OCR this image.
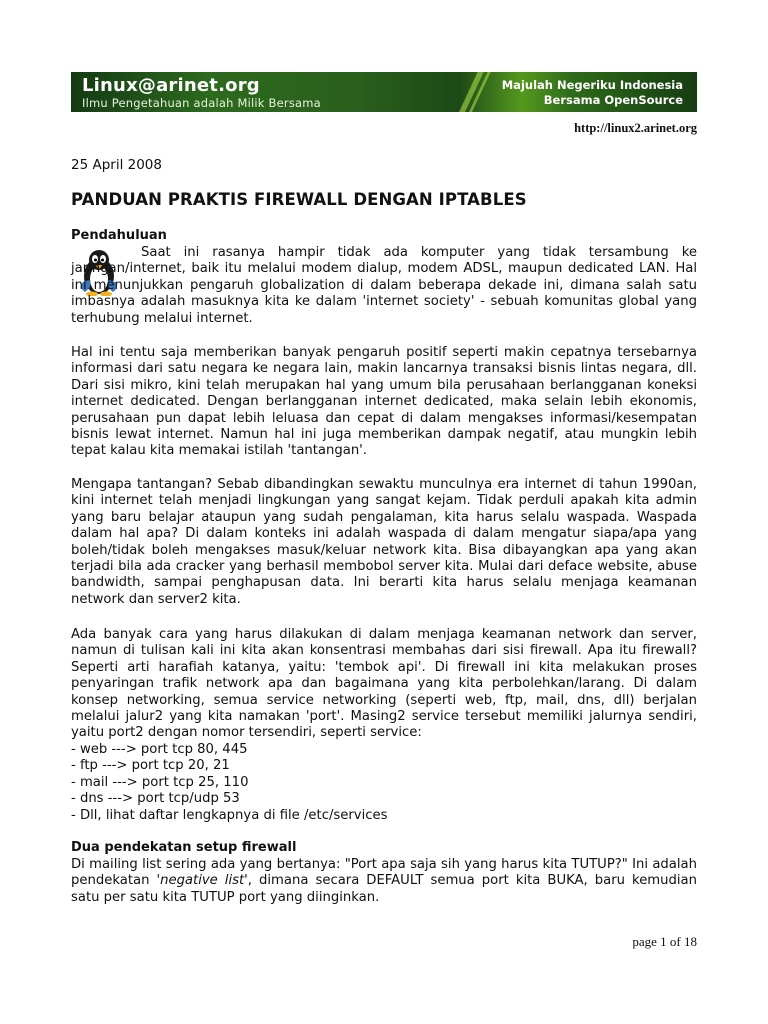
Linux@arinet.org
Ilmu Pengetahuan adalah Milik Bersama
Majulah Negeriku Indonesia
Bersama OpenSource
http://linux2.arinet.org
25 April 2008
PANDUAN PRAKTIS FIREWALL DENGAN IPTABLES
Pendahuluan
Saat ini rasanya hampir tidak ada komputer yang tidak tersambung ke jaringan/internet, baik itu melalui modem dialup, modem ADSL, maupun dedicated LAN. Hal ini menunjukkan pengaruh globalization di dalam beberapa dekade ini, dimana salah satu imbasnya adalah masuknya kita ke dalam 'internet society' - sebuah komunitas global yang terhubung melalui internet.
Hal ini tentu saja memberikan banyak pengaruh positif seperti makin cepatnya tersebarnya informasi dari satu negara ke negara lain, makin lancarnya transaksi bisnis lintas negara, dll. Dari sisi mikro, kini telah merupakan hal yang umum bila perusahaan berlangganan koneksi internet dedicated. Dengan berlangganan internet dedicated, maka selain lebih ekonomis, perusahaan pun dapat lebih leluasa dan cepat di dalam mengakses informasi/kesempatan bisnis lewat internet. Namun hal ini juga memberikan dampak negatif, atau mungkin lebih tepat kalau kita memakai istilah 'tantangan'.
Mengapa tantangan? Sebab dibandingkan sewaktu munculnya era internet di tahun 1990an, kini internet telah menjadi lingkungan yang sangat kejam. Tidak perduli apakah kita admin yang baru belajar ataupun yang sudah pengalaman, kita harus selalu waspada. Waspada dalam hal apa? Di dalam konteks ini adalah waspada di dalam mengatur siapa/apa yang boleh/tidak boleh mengakses masuk/keluar network kita. Bisa dibayangkan apa yang akan terjadi bila ada cracker yang berhasil membobol server kita. Mulai dari deface website, abuse bandwidth, sampai penghapusan data. Ini berarti kita harus selalu menjaga keamanan network dan server2 kita.
Ada banyak cara yang harus dilakukan di dalam menjaga keamanan network dan server, namun di tulisan kali ini kita akan konsentrasi membahas dari sisi firewall. Apa itu firewall? Seperti arti harafiah katanya, yaitu: 'tembok api'. Di firewall ini kita melakukan proses penyaringan trafik network apa dan bagaimana yang kita perbolehkan/larang. Di dalam konsep networking, semua service networking (seperti web, ftp, mail, dns, dll) berjalan melalui jalur2 yang kita namakan 'port'. Masing2 service tersebut memiliki jalurnya sendiri, yaitu port2 dengan nomor tersendiri, seperti service:
- web ---> port tcp 80, 445
- ftp ---> port tcp 20, 21
- mail ---> port tcp 25, 110
- dns ---> port tcp/udp 53
- Dll, lihat daftar lengkapnya di file /etc/services
Dua pendekatan setup firewall
Di mailing list sering ada yang bertanya: "Port apa saja sih yang harus kita TUTUP?" Ini adalah pendekatan 'negative list', dimana secara DEFAULT semua port kita BUKA, baru kemudian satu per satu kita TUTUP port yang diinginkan.
page 1 of 18
